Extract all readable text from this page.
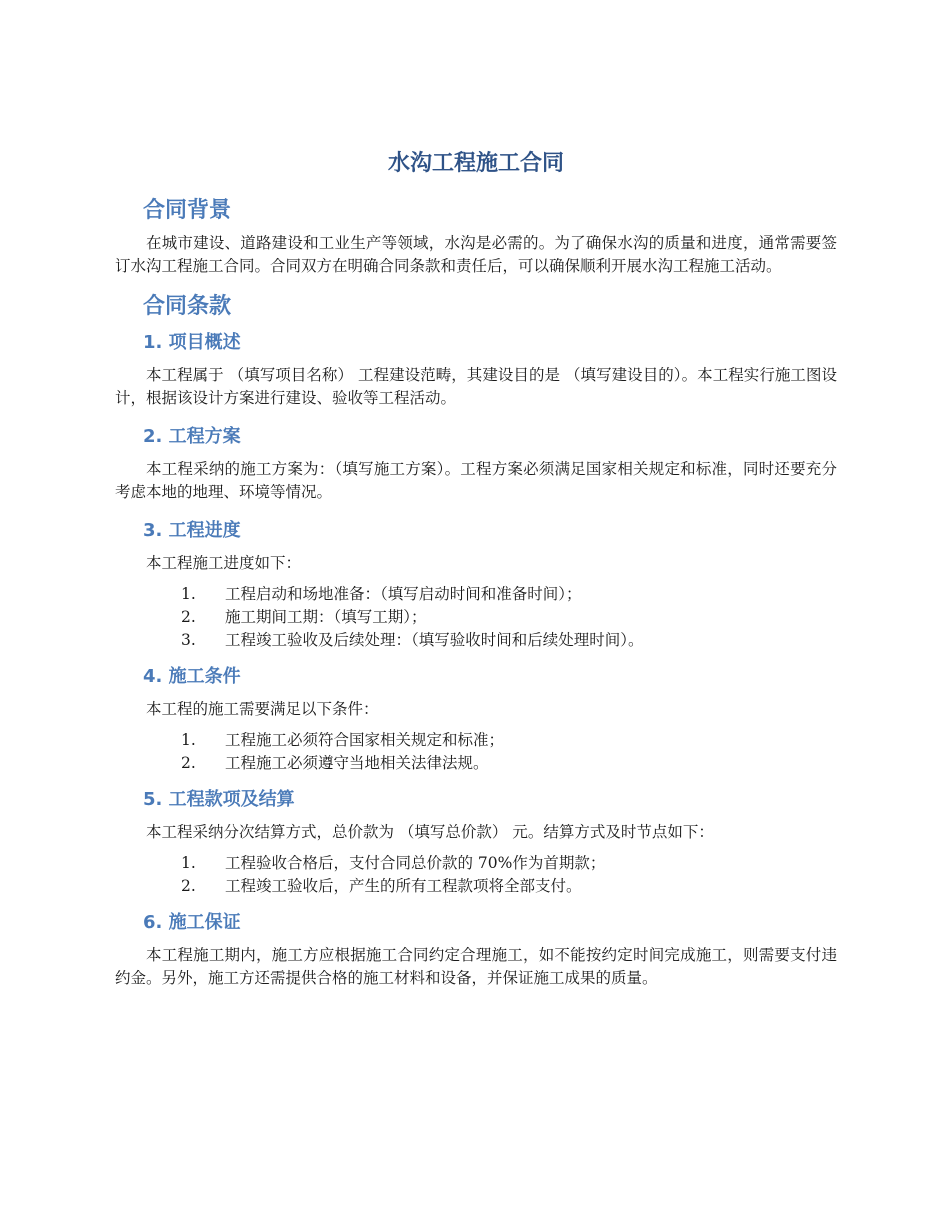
水沟工程施工合同
合同背景

在城市建设、道路建设和工业生产等领域，水沟是必需的。为了确保水沟的质量和进度，通常需要签订水沟工程施工合同。合同双方在明确合同条款和责任后，可以确保顺利开展水沟工程施工活动。

合同条款
1. 项目概述

本工程属于 （填写项目名称） 工程建设范畴，其建设目的是 （填写建设目的）。本工程实行施工图设计，根据该设计方案进行建设、验收等工程活动。

2. 工程方案

本工程采纳的施工方案为：（填写施工方案）。工程方案必须满足国家相关规定和标准，同时还要充分考虑本地的地理、环境等情况。

3. 工程进度

本工程施工进度如下：

1. 工程启动和场地准备：（填写启动时间和准备时间）；
2. 施工期间工期：（填写工期）；
3. 工程竣工验收及后续处理：（填写验收时间和后续处理时间）。
4. 施工条件

本工程的施工需要满足以下条件：

1. 工程施工必须符合国家相关规定和标准；
2. 工程施工必须遵守当地相关法律法规。
5. 工程款项及结算

本工程采纳分次结算方式，总价款为 （填写总价款） 元。结算方式及时节点如下：

1. 工程验收合格后，支付合同总价款的 70%作为首期款；
2. 工程竣工验收后，产生的所有工程款项将全部支付。
6. 施工保证

本工程施工期内，施工方应根据施工合同约定合理施工，如不能按约定时间完成施工，则需要支付违约金。另外，施工方还需提供合格的施工材料和设备，并保证施工成果的质量。
